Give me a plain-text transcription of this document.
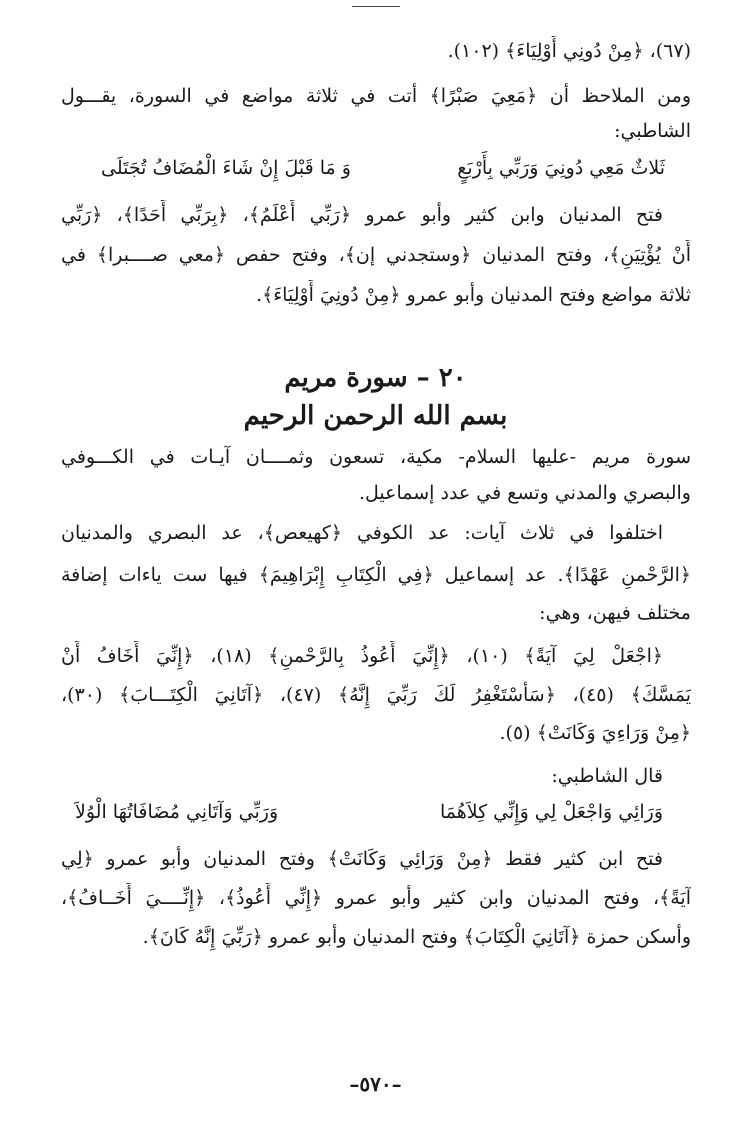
(٦٧)، ﴿مِنْ دُونِي أَوْلِيَاءَ﴾ (١٠٢).
ومن الملاحظ أن ﴿مَعِيَ صَبْرًا﴾ أتت في ثلاثة مواضع في السورة، يقـــول
الشاطبي:
ثَلاثٌ مَعِي دُونِيَ وَرَبِّي بِأَرْبَعٍ
وَ مَا قَبْلَ إِنْ شَاءَ الْمُضَافُ تُجَتَلَى
فتح المدنيان وابن كثير وأبو عمرو ﴿رَبِّي أَعْلَمُ﴾، ﴿بِرَبِّي أَحَدًا﴾، ﴿رَبِّي
أَنْ يُؤْتِيَنِ﴾، وفتح المدنيان ﴿وستجدني إن﴾، وفتح حفص ﴿معي صــــبرا﴾ في
ثلاثة مواضع وفتح المدنيان وأبو عمرو ﴿مِنْ دُونِيَ أَوْلِيَاءَ﴾.
٢٠ – سورة مريم
بسم الله الرحمن الرحيم
سورة مريم -عليها السلام- مكية، تسعون وثمــــان آيـات في الكـــوفي
والبصري والمدني وتسع في عدد إسماعيل.
اختلفوا في ثلاث آيات: عد الكوفي ﴿كهيعص﴾، عد البصري والمدنيان
﴿الرَّحْمنِ عَهْدًا﴾. عد إسماعيل ﴿فِي الْكِتَابِ إِبْرَاهِيمَ﴾ فيها ست ياءات إضافة
مختلف فيهن، وهي:
﴿اجْعَلْ لِيَ آيَةً﴾ (١٠)، ﴿إِنِّيَ أَعُوذُ بِالرَّحْمنِ﴾ (١٨)، ﴿إِنِّيَ أَخَافُ أَنْ
يَمَسَّكَ﴾ (٤٥)، ﴿سَأَسْتَغْفِرُ لَكَ رَبِّيَ إِنَّهُ﴾ (٤٧)، ﴿آتَانِيَ الْكِتَـــابَ﴾ (٣٠)،
﴿مِنْ وَرَاءِيَ وَكَانَتْ﴾ (٥).
قال الشاطبي:
وَرَائِي وَاجْعَلْ لِي وَإِنِّي كِلاَهُمَا
وَرَبِّي وَآتَانِي مُضَافَاتُهَا الْوُلاَ
فتح ابن كثير فقط ﴿مِنْ وَرَائِي وَكَانَتْ﴾ وفتح المدنيان وأبو عمرو ﴿لِي
آيَةً﴾، وفتح المدنيان وابن كثير وأبو عمرو ﴿إِنِّي أَعُوذُ﴾، ﴿إِنِّــــيَ أَخَــافُ﴾،
وأسكن حمزة ﴿آتَانِيَ الْكِتَابَ﴾ وفتح المدنيان وأبو عمرو ﴿رَبِّيَ إِنَّهُ كَانَ﴾.
–٥٧٠–
